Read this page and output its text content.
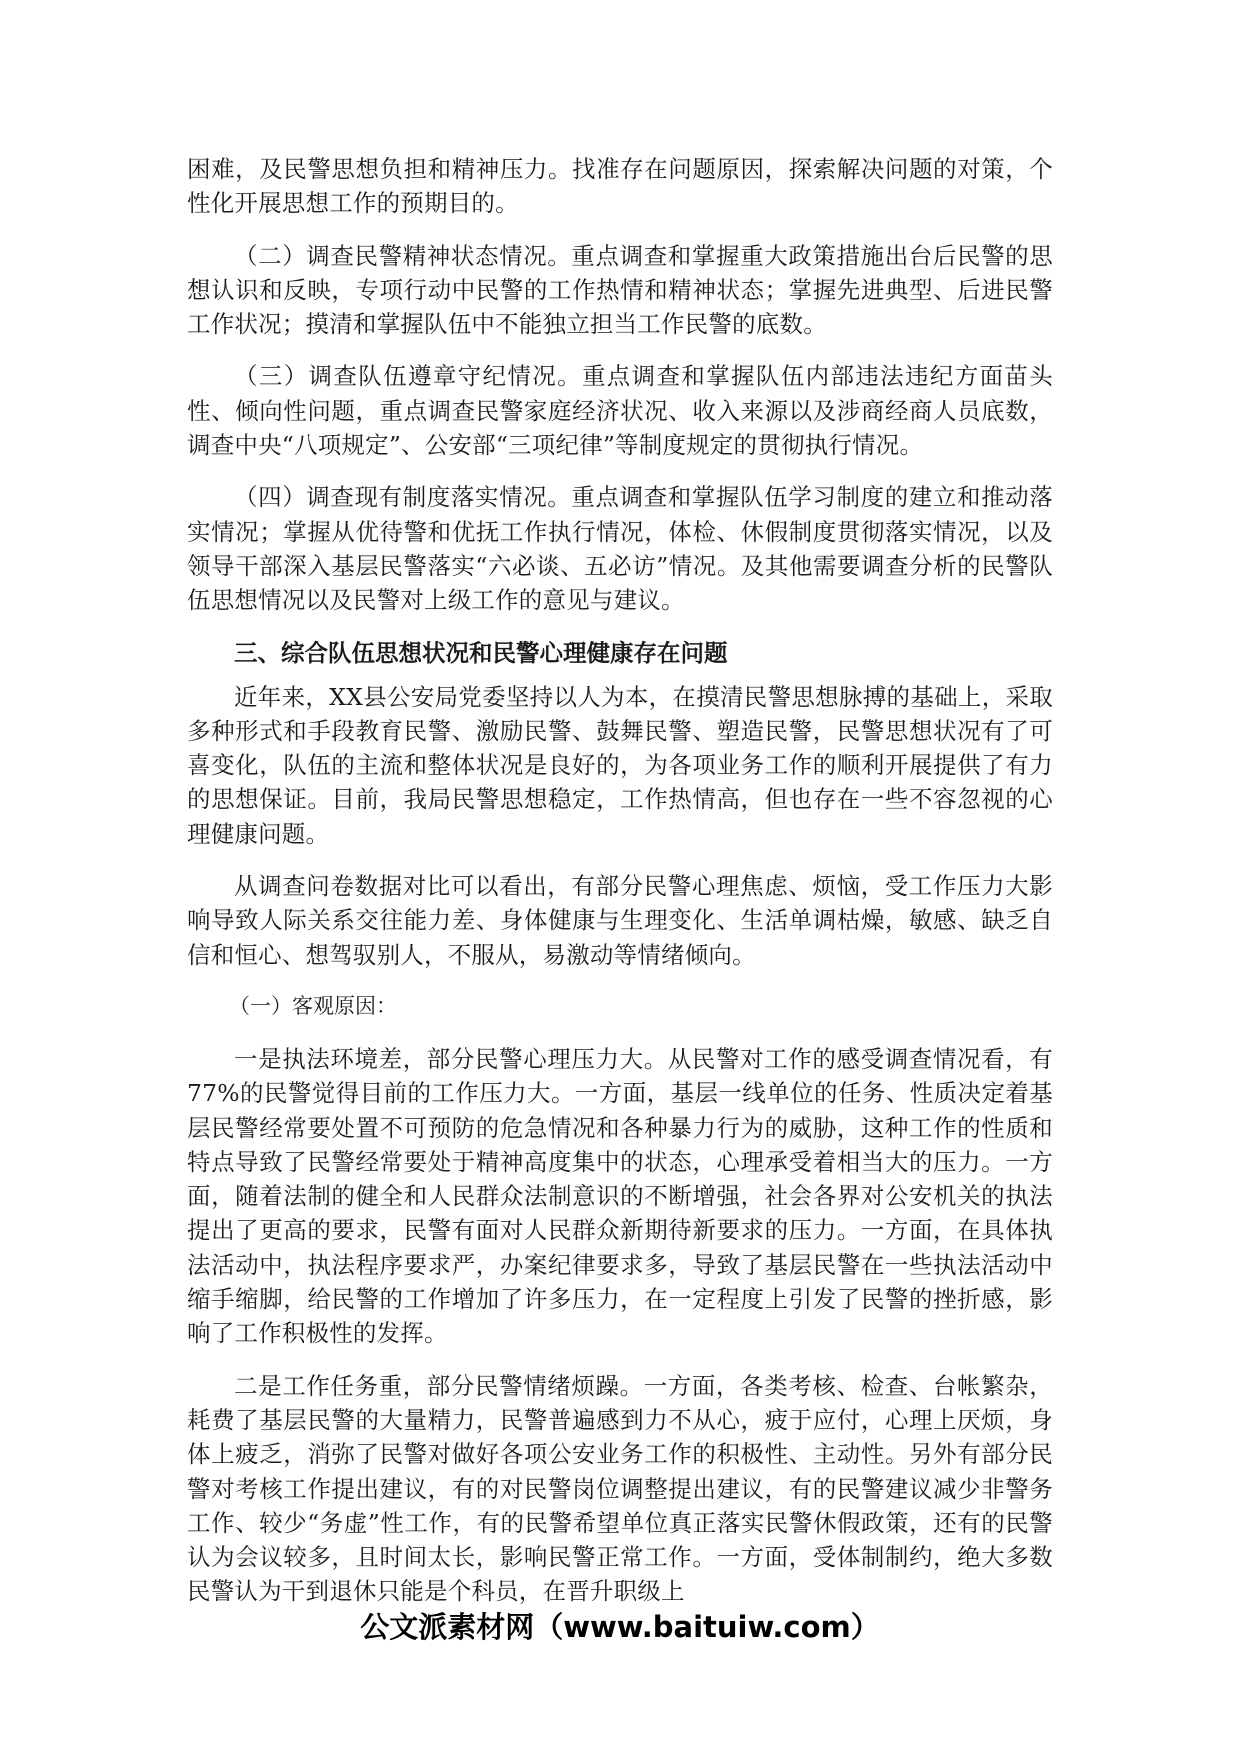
困难，及民警思想负担和精神压力。找准存在问题原因，探索解决问题的对策，个性化开展思想工作的预期目的。

（二）调查民警精神状态情况。重点调查和掌握重大政策措施出台后民警的思想认识和反映，专项行动中民警的工作热情和精神状态；掌握先进典型、后进民警工作状况；摸清和掌握队伍中不能独立担当工作民警的底数。

（三）调查队伍遵章守纪情况。重点调查和掌握队伍内部违法违纪方面苗头性、倾向性问题，重点调查民警家庭经济状况、收入来源以及涉商经商人员底数，调查中央“八项规定”、公安部“三项纪律”等制度规定的贯彻执行情况。

（四）调查现有制度落实情况。重点调查和掌握队伍学习制度的建立和推动落实情况；掌握从优待警和优抚工作执行情况，体检、休假制度贯彻落实情况，以及领导干部深入基层民警落实“六必谈、五必访”情况。及其他需要调查分析的民警队伍思想情况以及民警对上级工作的意见与建议。

三、综合队伍思想状况和民警心理健康存在问题

近年来，XX县公安局党委坚持以人为本，在摸清民警思想脉搏的基础上，采取多种形式和手段教育民警、激励民警、鼓舞民警、塑造民警，民警思想状况有了可喜变化，队伍的主流和整体状况是良好的，为各项业务工作的顺利开展提供了有力的思想保证。目前，我局民警思想稳定，工作热情高，但也存在一些不容忽视的心理健康问题。

从调查问卷数据对比可以看出，有部分民警心理焦虑、烦恼，受工作压力大影响导致人际关系交往能力差、身体健康与生理变化、生活单调枯燥，敏感、缺乏自信和恒心、想驾驭别人，不服从，易激动等情绪倾向。

（一）客观原因：

一是执法环境差，部分民警心理压力大。从民警对工作的感受调查情况看，有77%的民警觉得目前的工作压力大。一方面，基层一线单位的任务、性质决定着基层民警经常要处置不可预防的危急情况和各种暴力行为的威胁，这种工作的性质和特点导致了民警经常要处于精神高度集中的状态，心理承受着相当大的压力。一方面，随着法制的健全和人民群众法制意识的不断增强，社会各界对公安机关的执法提出了更高的要求，民警有面对人民群众新期待新要求的压力。一方面，在具体执法活动中，执法程序要求严，办案纪律要求多，导致了基层民警在一些执法活动中缩手缩脚，给民警的工作增加了许多压力，在一定程度上引发了民警的挫折感，影响了工作积极性的发挥。

二是工作任务重，部分民警情绪烦躁。一方面，各类考核、检查、台帐繁杂，耗费了基层民警的大量精力，民警普遍感到力不从心，疲于应付，心理上厌烦，身体上疲乏，消弥了民警对做好各项公安业务工作的积极性、主动性。另外有部分民警对考核工作提出建议，有的对民警岗位调整提出建议，有的民警建议减少非警务工作、较少“务虚”性工作，有的民警希望单位真正落实民警休假政策，还有的民警认为会议较多，且时间太长，影响民警正常工作。一方面，受体制制约，绝大多数民警认为干到退休只能是个科员，在晋升职级上

公文派素材网（www.baituiw.com）
